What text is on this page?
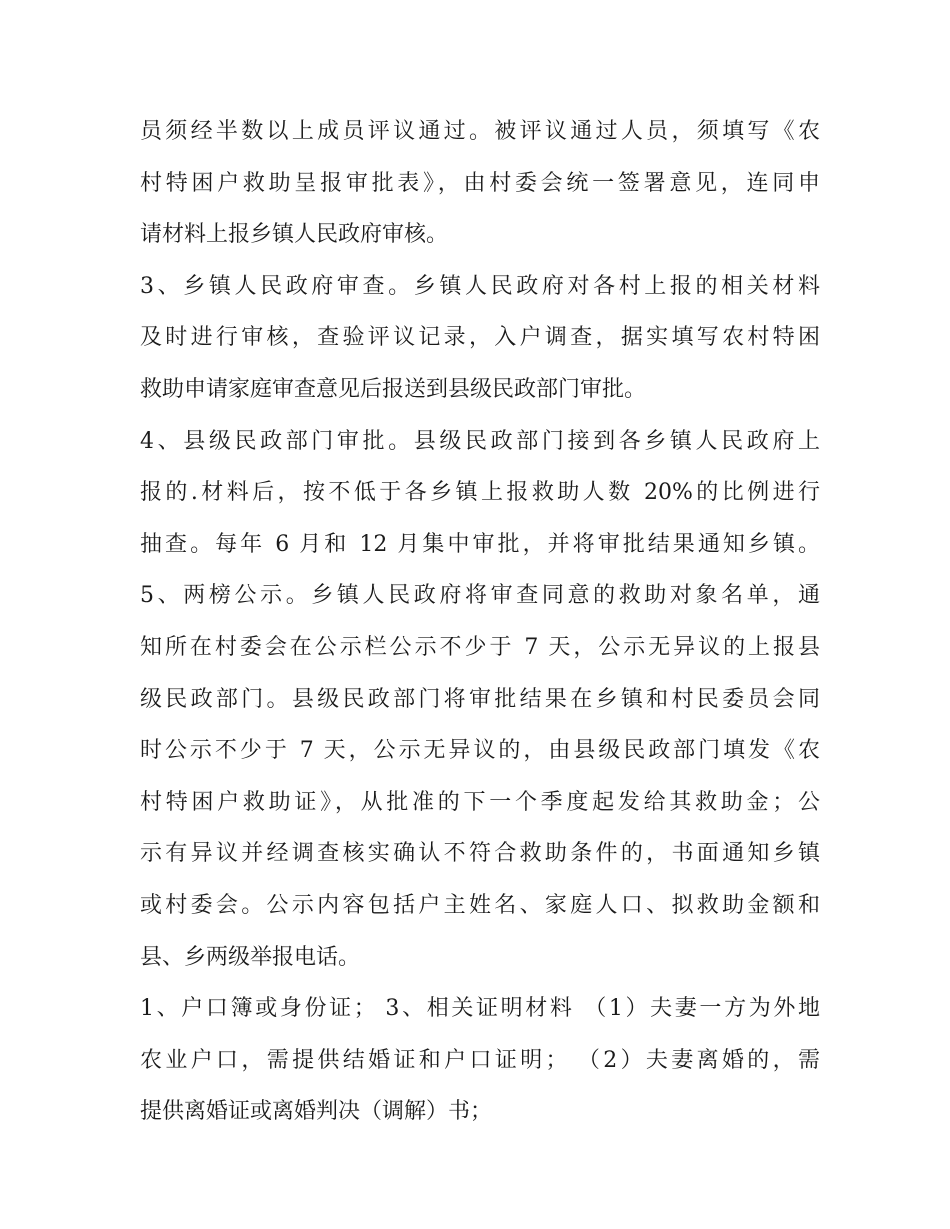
员须经半数以上成员评议通过。被评议通过人员，须填写《农
村特困户救助呈报审批表》，由村委会统一签署意见，连同申
请材料上报乡镇人民政府审核。
3、乡镇人民政府审查。乡镇人民政府对各村上报的相关材料
及时进行审核，查验评议记录，入户调查，据实填写农村特困
救助申请家庭审查意见后报送到县级民政部门审批。
4、县级民政部门审批。县级民政部门接到各乡镇人民政府上
报的.材料后，按不低于各乡镇上报救助人数 20%的比例进行
抽查。每年 6 月和 12 月集中审批，并将审批结果通知乡镇。
5、两榜公示。乡镇人民政府将审查同意的救助对象名单，通
知所在村委会在公示栏公示不少于 7 天，公示无异议的上报县
级民政部门。县级民政部门将审批结果在乡镇和村民委员会同
时公示不少于 7 天，公示无异议的，由县级民政部门填发《农
村特困户救助证》，从批准的下一个季度起发给其救助金；公
示有异议并经调查核实确认不符合救助条件的，书面通知乡镇
或村委会。公示内容包括户主姓名、家庭人口、拟救助金额和
县、乡两级举报电话。
1、户口簿或身份证； 3、相关证明材料 （1）夫妻一方为外地
农业户口，需提供结婚证和户口证明； （2）夫妻离婚的，需
提供离婚证或离婚判决（调解）书；
